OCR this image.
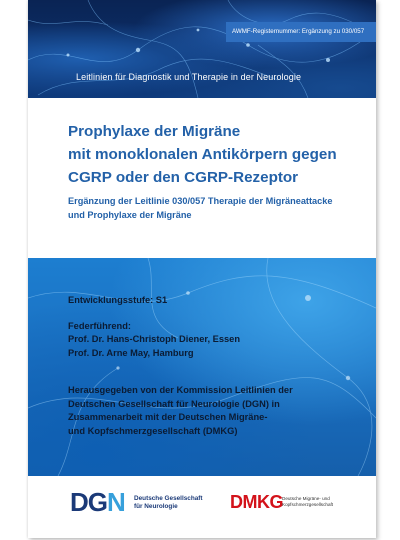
AWMF-Registernummer: Ergänzung zu 030/057
Leitlinien für Diagnostik und Therapie in der Neurologie
Prophylaxe der Migräne
mit monoklonalen Antikörpern gegen
CGRP oder den CGRP-Rezeptor
Ergänzung der Leitlinie 030/057 Therapie der Migräneattacke
und Prophylaxe der Migräne
Entwicklungsstufe: S1
Federführend:
Prof. Dr. Hans-Christoph Diener, Essen
Prof. Dr. Arne May, Hamburg
Herausgegeben von der Kommission Leitlinien der
Deutschen Gesellschaft für Neurologie (DGN) in
Zusammenarbeit mit der Deutschen Migräne-
und Kopfschmerzgesellschaft (DMKG)
DGN Deutsche Gesellschaft
für Neurologie	DMKG Deutsche Migräne- und
Kopfschmerzgesellschaft
